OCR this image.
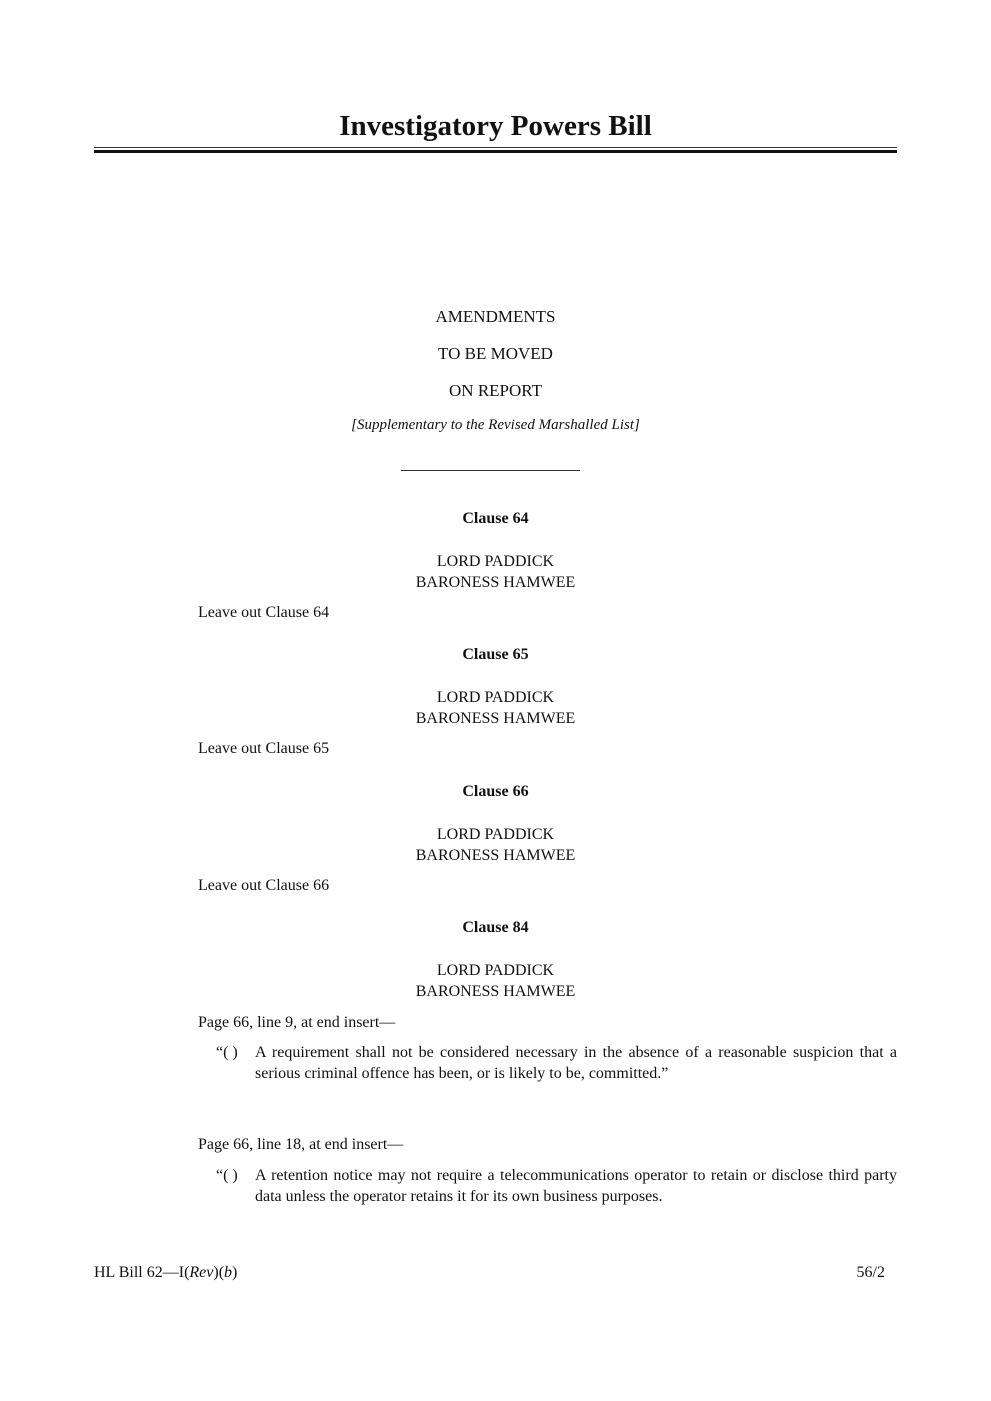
Investigatory Powers Bill
AMENDMENTS
TO BE MOVED
ON REPORT
[Supplementary to the Revised Marshalled List]
Clause 64
LORD PADDICK
BARONESS HAMWEE
Leave out Clause 64
Clause 65
LORD PADDICK
BARONESS HAMWEE
Leave out Clause 65
Clause 66
LORD PADDICK
BARONESS HAMWEE
Leave out Clause 66
Clause 84
LORD PADDICK
BARONESS HAMWEE
Page 66, line 9, at end insert—
“( ) A requirement shall not be considered necessary in the absence of a reasonable suspicion that a serious criminal offence has been, or is likely to be, committed.”
Page 66, line 18, at end insert—
“( ) A retention notice may not require a telecommunications operator to retain or disclose third party data unless the operator retains it for its own business purposes.
HL Bill 62—I(Rev)(b)	56/2
